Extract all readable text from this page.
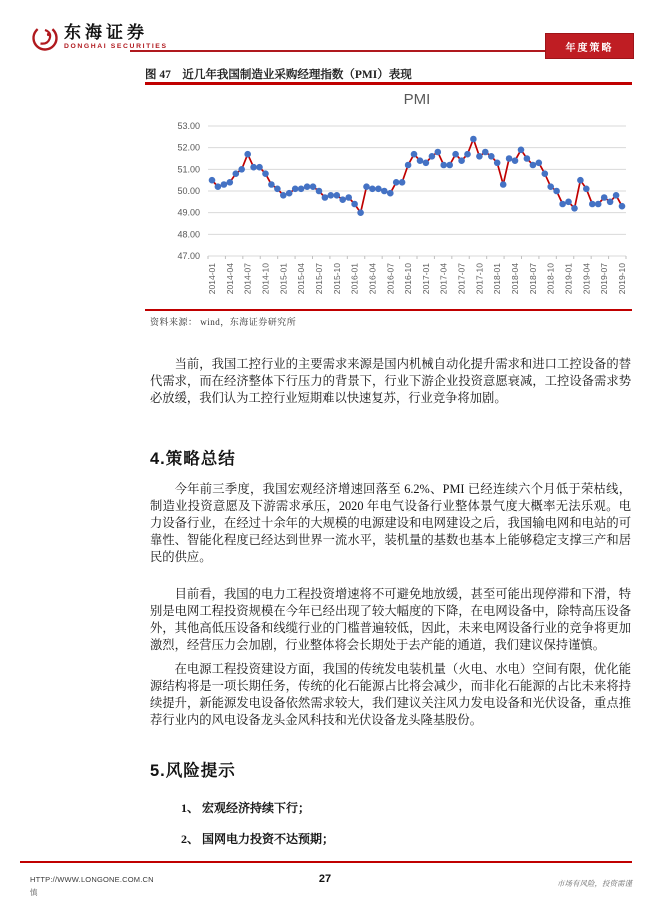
东海证券
DONGHAI SECURITIES	年度策略
图 47　近几年我国制造业采购经理指数（PMI）表现
PMI
53.00
52.00
51.00
50.00
49.00
48.00
47.00
2014-01 2014-04 2014-07 2014-10 2015-01 2015-04 2015-07 2015-10 2016-01 2016-04 2016-07 2016-10 2017-01 2017-04 2017-07 2017-10 2018-01 2018-04 2018-07 2018-10 2019-01 2019-04 2019-07 2019-10
资料来源： wind，东海证券研究所
当前，我国工控行业的主要需求来源是国内机械自动化提升需求和进口工控设备的替代需求，而在经济整体下行压力的背景下，行业下游企业投资意愿衰减，工控设备需求势必放缓，我们认为工控行业短期难以快速复苏，行业竞争将加剧。
4.策略总结
今年前三季度，我国宏观经济增速回落至 6.2%、PMI 已经连续六个月低于荣枯线，制造业投资意愿及下游需求承压，2020 年电气设备行业整体景气度大概率无法乐观。电力设备行业，在经过十余年的大规模的电源建设和电网建设之后，我国输电网和电站的可靠性、智能化程度已经达到世界一流水平，装机量的基数也基本上能够稳定支撑三产和居民的供应。
目前看，我国的电力工程投资增速将不可避免地放缓，甚至可能出现停滞和下滑，特别是电网工程投资规模在今年已经出现了较大幅度的下降，在电网设备中，除特高压设备外，其他高低压设备和线缆行业的门槛普遍较低，因此，未来电网设备行业的竞争将更加激烈，经营压力会加剧，行业整体将会长期处于去产能的通道，我们建议保持谨慎。
在电源工程投资建设方面，我国的传统发电装机量（火电、水电）空间有限，优化能源结构将是一项长期任务，传统的化石能源占比将会减少，而非化石能源的占比未来将持续提升，新能源发电设备依然需求较大，我们建议关注风力发电设备和光伏设备，重点推荐行业内的风电设备龙头金风科技和光伏设备龙头隆基股份。
5.风险提示
1、 宏观经济持续下行；
2、 国网电力投资不达预期；
HTTP://WWW.LONGONE.COM.CN
慎
27	市场有风险，投资需谨
